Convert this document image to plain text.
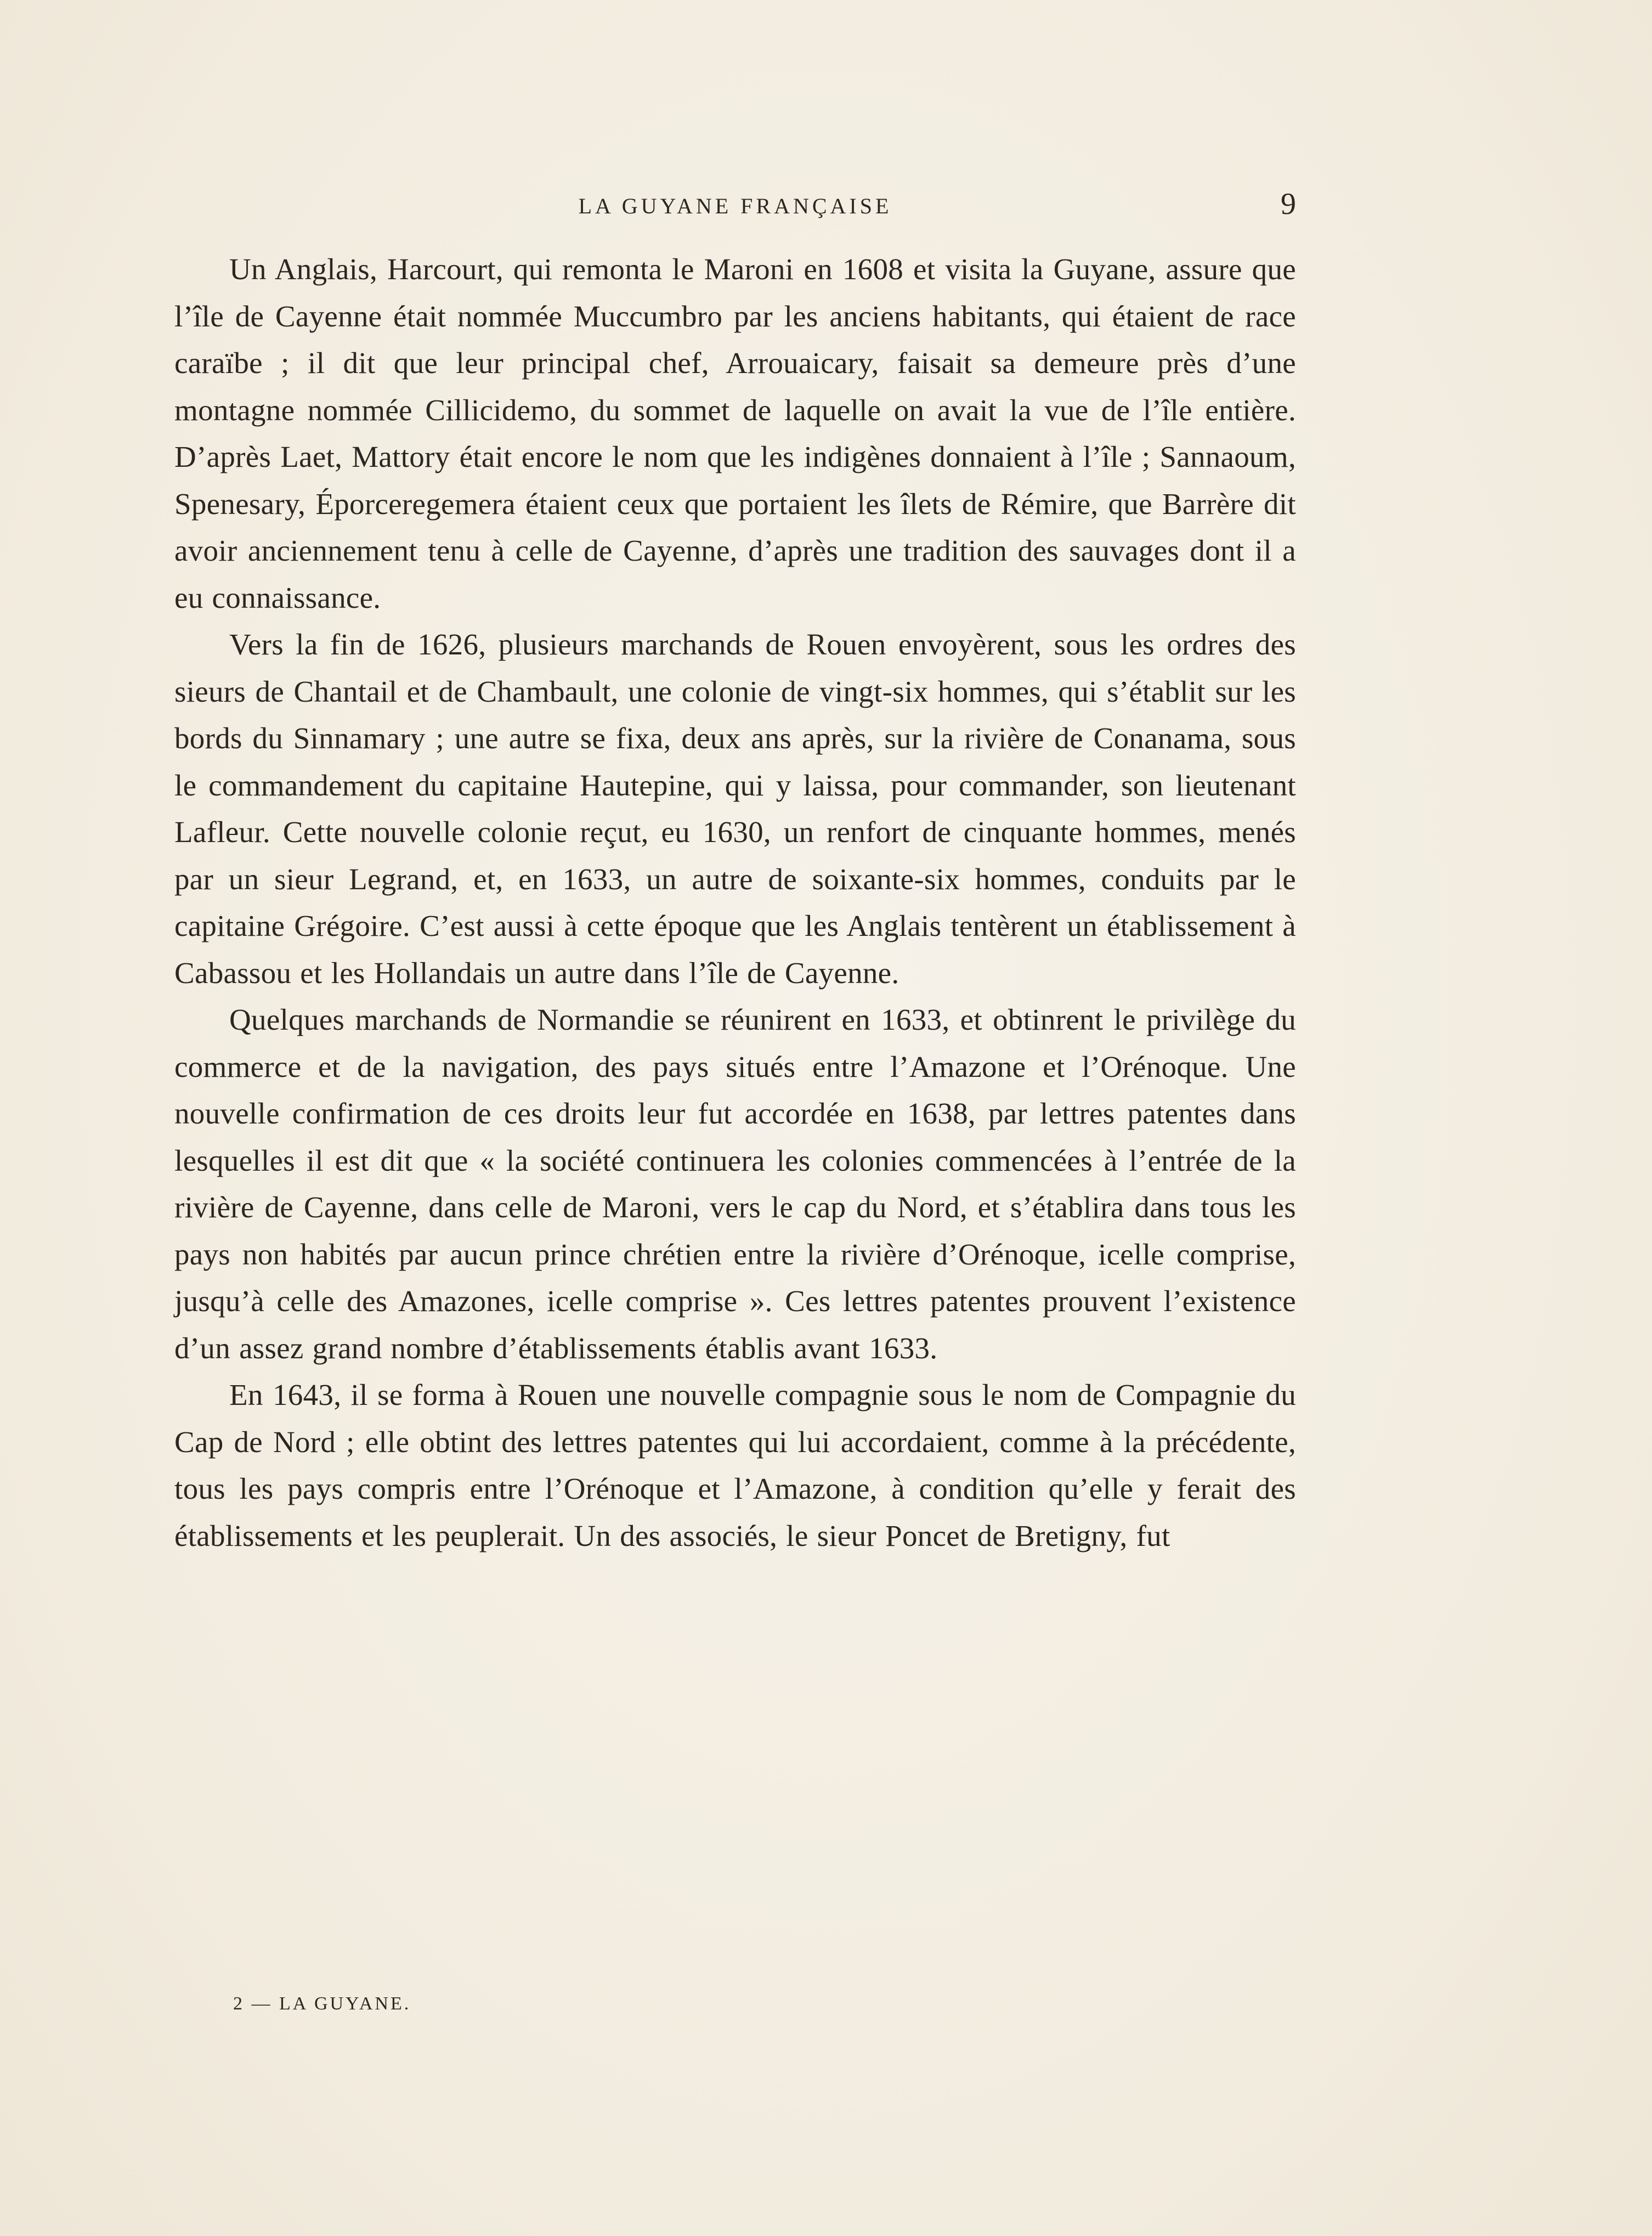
LA GUYANE FRANÇAISE	9

Un Anglais, Harcourt, qui remonta le Maroni en 1608 et visita la Guyane, assure que l’île de Cayenne était nommée Muccumbro par les anciens habitants, qui étaient de race caraïbe ; il dit que leur principal chef, Arrouaicary, faisait sa demeure près d’une montagne nommée Cillicidemo, du sommet de laquelle on avait la vue de l’île entière. D’après Laet, Mattory était encore le nom que les indigènes donnaient à l’île ; Sannaoum, Spenesary, Éporceregemera étaient ceux que portaient les îlets de Rémire, que Barrère dit avoir anciennement tenu à celle de Cayenne, d’après une tradition des sauvages dont il a eu connaissance.

Vers la fin de 1626, plusieurs marchands de Rouen envoyèrent, sous les ordres des sieurs de Chantail et de Chambault, une colonie de vingt-six hommes, qui s’établit sur les bords du Sinnamary ; une autre se fixa, deux ans après, sur la rivière de Conanama, sous le commandement du capitaine Hautepine, qui y laissa, pour commander, son lieutenant Lafleur. Cette nouvelle colonie reçut, eu 1630, un renfort de cinquante hommes, menés par un sieur Legrand, et, en 1633, un autre de soixante-six hommes, conduits par le capitaine Grégoire. C’est aussi à cette époque que les Anglais tentèrent un établissement à Cabassou et les Hollandais un autre dans l’île de Cayenne.

Quelques marchands de Normandie se réunirent en 1633, et obtinrent le privilège du commerce et de la navigation, des pays situés entre l’Amazone et l’Orénoque. Une nouvelle confirmation de ces droits leur fut accordée en 1638, par lettres patentes dans lesquelles il est dit que « la société continuera les colonies commencées à l’entrée de la rivière de Cayenne, dans celle de Maroni, vers le cap du Nord, et s’établira dans tous les pays non habités par aucun prince chrétien entre la rivière d’Orénoque, icelle comprise, jusqu’à celle des Amazones, icelle comprise ». Ces lettres patentes prouvent l’existence d’un assez grand nombre d’établissements établis avant 1633.

En 1643, il se forma à Rouen une nouvelle compagnie sous le nom de Compagnie du Cap de Nord ; elle obtint des lettres patentes qui lui accordaient, comme à la précédente, tous les pays compris entre l’Orénoque et l’Amazone, à condition qu’elle y ferait des établissements et les peuplerait. Un des associés, le sieur Poncet de Bretigny, fut

2 — LA GUYANE.
